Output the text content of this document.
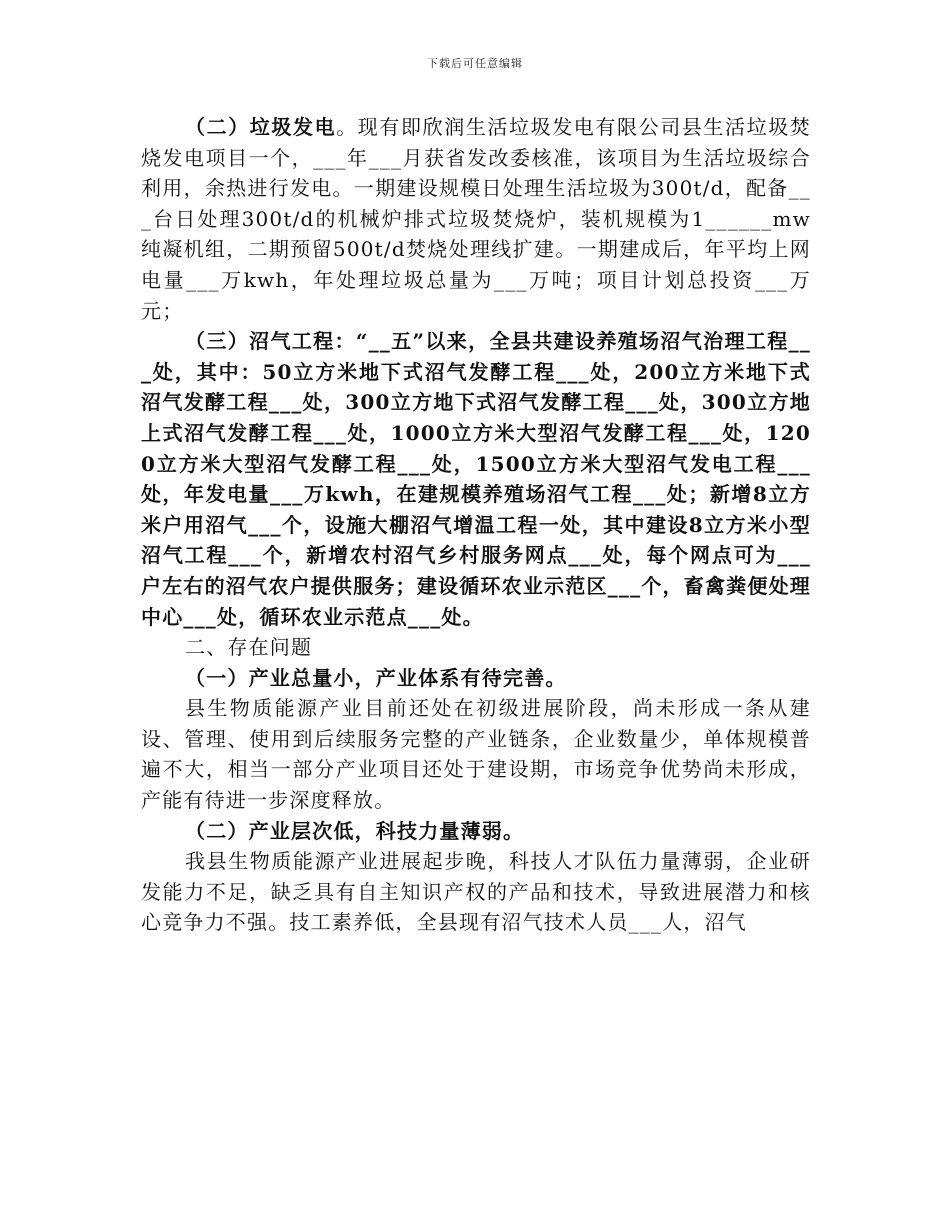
下载后可任意编辑

（二）垃圾发电。现有即欣润生活垃圾发电有限公司县生活垃圾焚烧发电项目一个，___年___月获省发改委核准，该项目为生活垃圾综合利用，余热进行发电。一期建设规模日处理生活垃圾为300t/d，配备___台日处理300t/d的机械炉排式垃圾焚烧炉，装机规模为1______mw纯凝机组，二期预留500t/d焚烧处理线扩建。一期建成后，年平均上网电量___万kwh，年处理垃圾总量为___万吨；项目计划总投资___万元；

（三）沼气工程：“__五”以来，全县共建设养殖场沼气治理工程___处，其中：50立方米地下式沼气发酵工程___处，200立方米地下式沼气发酵工程___处，300立方地下式沼气发酵工程___处，300立方地上式沼气发酵工程___处，1000立方米大型沼气发酵工程___处，1200立方米大型沼气发酵工程___处，1500立方米大型沼气发电工程___处，年发电量___万kwh，在建规模养殖场沼气工程___处；新增8立方米户用沼气___个，设施大棚沼气增温工程一处，其中建设8立方米小型沼气工程___个，新增农村沼气乡村服务网点___处，每个网点可为___户左右的沼气农户提供服务；建设循环农业示范区___个，畜禽粪便处理中心___处，循环农业示范点___处。

二、存在问题

（一）产业总量小，产业体系有待完善。

县生物质能源产业目前还处在初级进展阶段，尚未形成一条从建设、管理、使用到后续服务完整的产业链条，企业数量少，单体规模普遍不大，相当一部分产业项目还处于建设期，市场竞争优势尚未形成，产能有待进一步深度释放。

（二）产业层次低，科技力量薄弱。

我县生物质能源产业进展起步晚，科技人才队伍力量薄弱，企业研发能力不足，缺乏具有自主知识产权的产品和技术，导致进展潜力和核心竞争力不强。技工素养低，全县现有沼气技术人员___人，沼气
